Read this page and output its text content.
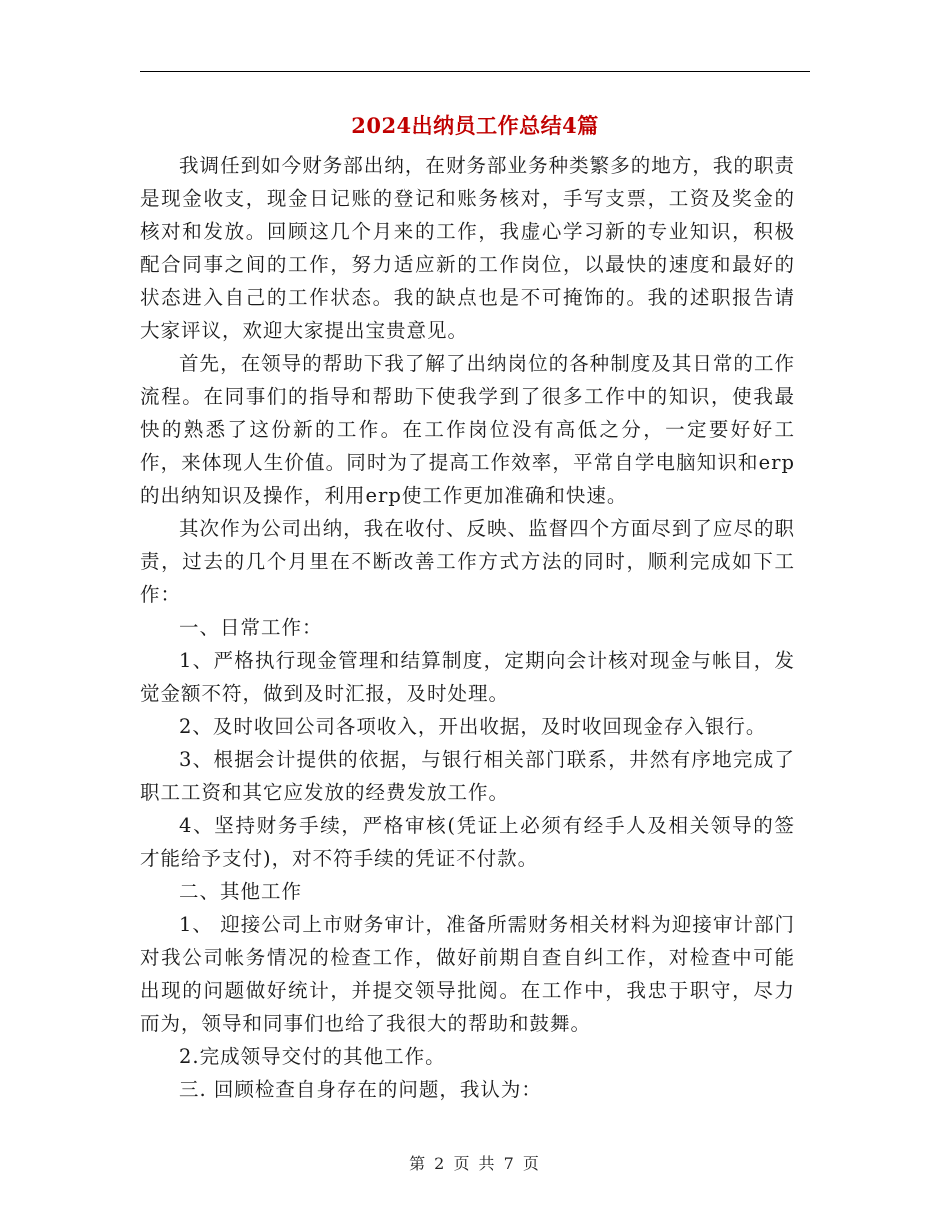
2024出纳员工作总结4篇

我调任到如今财务部出纳，在财务部业务种类繁多的地方，我的职责是现金收支，现金日记账的登记和账务核对，手写支票，工资及奖金的核对和发放。回顾这几个月来的工作，我虚心学习新的专业知识，积极配合同事之间的工作，努力适应新的工作岗位，以最快的速度和最好的状态进入自己的工作状态。我的缺点也是不可掩饰的。我的述职报告请大家评议，欢迎大家提出宝贵意见。

首先，在领导的帮助下我了解了出纳岗位的各种制度及其日常的工作流程。在同事们的指导和帮助下使我学到了很多工作中的知识，使我最快的熟悉了这份新的工作。在工作岗位没有高低之分，一定要好好工作，来体现人生价值。同时为了提高工作效率，平常自学电脑知识和erp的出纳知识及操作，利用erp使工作更加准确和快速。

其次作为公司出纳，我在收付、反映、监督四个方面尽到了应尽的职责，过去的几个月里在不断改善工作方式方法的同时，顺利完成如下工作：

一、日常工作：

1、严格执行现金管理和结算制度，定期向会计核对现金与帐目，发觉金额不符，做到及时汇报，及时处理。

2、及时收回公司各项收入，开出收据，及时收回现金存入银行。

3、根据会计提供的依据，与银行相关部门联系，井然有序地完成了职工工资和其它应发放的经费发放工作。

4、坚持财务手续，严格审核(凭证上必须有经手人及相关领导的签才能给予支付)，对不符手续的凭证不付款。

二、其他工作

1、 迎接公司上市财务审计，准备所需财务相关材料为迎接审计部门对我公司帐务情况的检查工作，做好前期自查自纠工作，对检查中可能出现的问题做好统计，并提交领导批阅。在工作中，我忠于职守，尽力而为，领导和同事们也给了我很大的帮助和鼓舞。

2.完成领导交付的其他工作。

三. 回顾检查自身存在的问题，我认为：

第 2 页 共 7 页
